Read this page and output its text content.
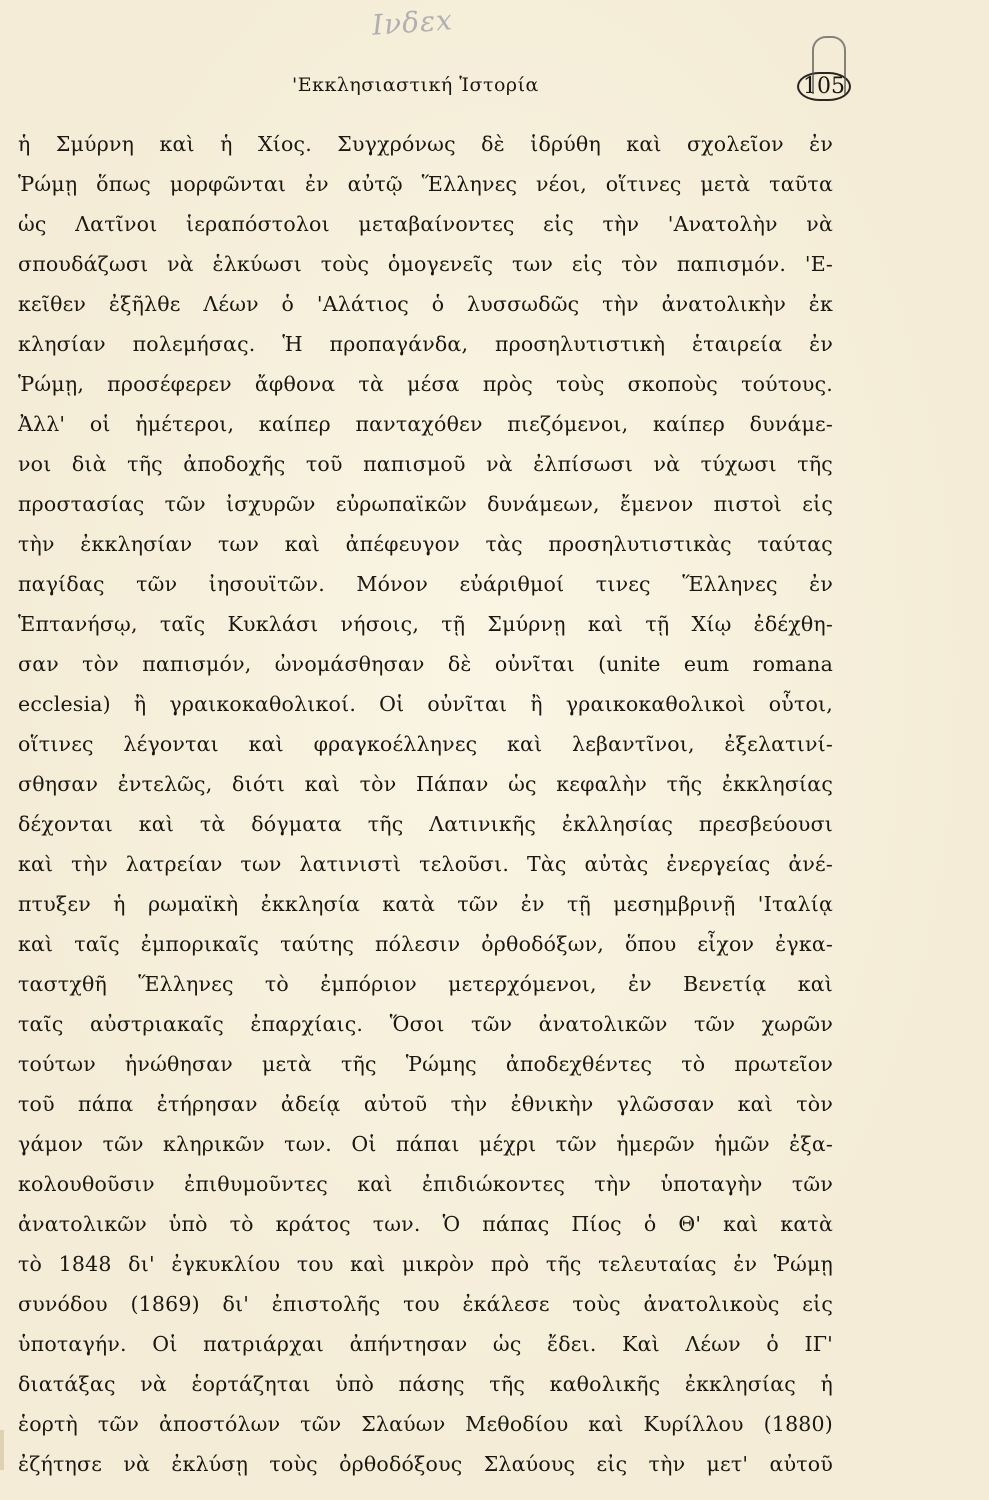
Ινδεx
'Εκκλησιαστική Ἱστορία	105
ἡ Σμύρνη καὶ ἡ Χίος. Συγχρόνως δὲ ἱδρύθη καὶ σχολεῖον ἐν
Ῥώμῃ ὅπως μορφῶνται ἐν αὐτῷ Ἕλληνες νέοι, οἵτινες μετὰ ταῦτα
ὡς Λατῖνοι ἱεραπόστολοι μεταβαίνοντες εἰς τὴν 'Ανατολὴν νὰ
σπουδάζωσι νὰ ἑλκύωσι τοὺς ὁμογενεῖς των εἰς τὸν παπισμόν. 'Ε-
κεῖθεν ἐξῆλθε Λέων ὁ 'Αλάτιος ὁ λυσσωδῶς τὴν ἀνατολικὴν ἐκ
κλησίαν πολεμήσας. Ἡ προπαγάνδα, προσηλυτιστικὴ ἑταιρεία ἐν
Ῥώμῃ, προσέφερεν ἄφθονα τὰ μέσα πρὸς τοὺς σκοποὺς τούτους.
Ἀλλ' οἱ ἡμέτεροι, καίπερ πανταχόθεν πιεζόμενοι, καίπερ δυνάμε-
νοι διὰ τῆς ἀποδοχῆς τοῦ παπισμοῦ νὰ ἐλπίσωσι νὰ τύχωσι τῆς
προστασίας τῶν ἰσχυρῶν εὐρωπαϊκῶν δυνάμεων, ἔμενον πιστοὶ εἰς
τὴν ἐκκλησίαν των καὶ ἀπέφευγον τὰς προσηλυτιστικὰς ταύτας
παγίδας τῶν ἰησουϊτῶν. Μόνον εὐάριθμοί τινες Ἕλληνες ἐν
Ἑπτανήσῳ, ταῖς Κυκλάσι νήσοις, τῇ Σμύρνῃ καὶ τῇ Χίῳ ἐδέχθη-
σαν τὸν παπισμόν, ὠνομάσθησαν δὲ οὐνῖται (unite eum romana
ecclesia) ἢ γραικοκαθολικοί. Οἱ οὐνῖται ἢ γραικοκαθολικοὶ οὗτοι,
οἵτινες λέγονται καὶ φραγκοέλληνες καὶ λεβαντῖνοι, ἐξελατινί-
σθησαν ἐντελῶς, διότι καὶ τὸν Πάπαν ὡς κεφαλὴν τῆς ἐκκλησίας
δέχονται καὶ τὰ δόγματα τῆς Λατινικῆς ἐκλλησίας πρεσβεύουσι
καὶ τὴν λατρείαν των λατινιστὶ τελοῦσι. Τὰς αὐτὰς ἐνεργείας ἀνέ-
πτυξεν ἡ ρωμαϊκὴ ἐκκλησία κατὰ τῶν ἐν τῇ μεσημβρινῇ 'Ιταλίᾳ
καὶ ταῖς ἐμπορικαῖς ταύτης πόλεσιν ὀρθοδόξων, ὅπου εἶχον ἐγκα-
ταστχθῆ Ἕλληνες τὸ ἐμπόριον μετερχόμενοι, ἐν Βενετίᾳ καὶ
ταῖς αὐστριακαῖς ἐπαρχίαις. Ὅσοι τῶν ἀνατολικῶν τῶν χωρῶν
τούτων ἡνώθησαν μετὰ τῆς Ῥώμης ἀποδεχθέντες τὸ πρωτεῖον
τοῦ πάπα ἐτήρησαν ἀδείᾳ αὐτοῦ τὴν ἐθνικὴν γλῶσσαν καὶ τὸν
γάμον τῶν κληρικῶν των. Οἱ πάπαι μέχρι τῶν ἡμερῶν ἡμῶν ἐξα-
κολουθοῦσιν ἐπιθυμοῦντες καὶ ἐπιδιώκοντες τὴν ὑποταγὴν τῶν
ἀνατολικῶν ὑπὸ τὸ κράτος των. Ὁ πάπας Πίος ὁ Θ' καὶ κατὰ
τὸ 1848 δι' ἐγκυκλίου του καὶ μικρὸν πρὸ τῆς τελευταίας ἐν Ῥώμῃ
συνόδου (1869) δι' ἐπιστολῆς του ἐκάλεσε τοὺς ἀνατολικοὺς εἰς
ὑποταγήν. Οἱ πατριάρχαι ἀπήντησαν ὡς ἔδει. Καὶ Λέων ὁ ΙΓ'
διατάξας νὰ ἑορτάζηται ὑπὸ πάσης τῆς καθολικῆς ἐκκλησίας ἡ
ἑορτὴ τῶν ἀποστόλων τῶν Σλαύων Μεθοδίου καὶ Κυρίλλου (1880)
ἐζήτησε νὰ ἐκλύσῃ τοὺς ὀρθοδόξους Σλαύους εἰς τὴν μετ' αὐτοῦ
